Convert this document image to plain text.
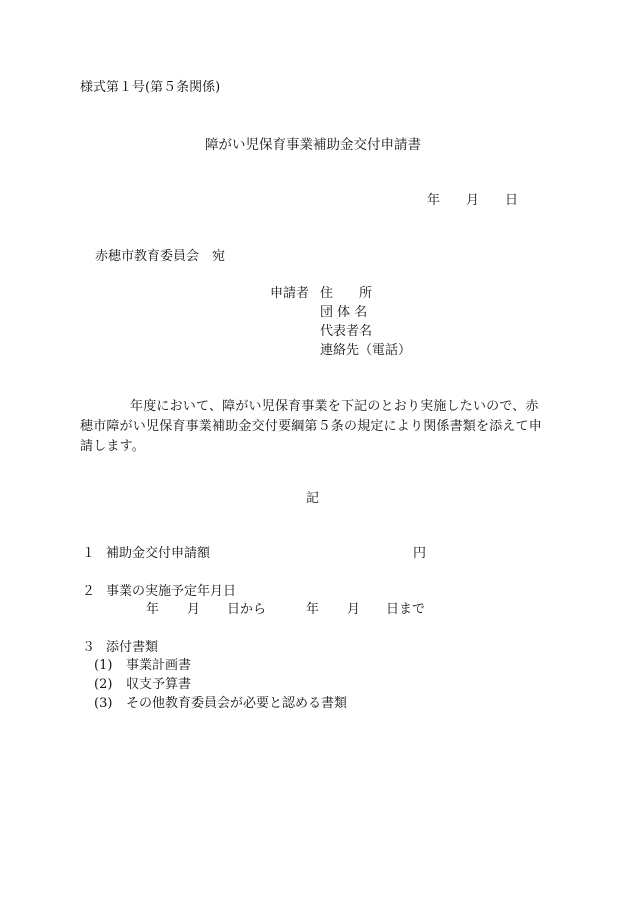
様式第１号(第５条関係)
障がい児保育事業補助金交付申請書
年 月 日
赤穂市教育委員会　宛
申請者 住　　所
団 体 名
代表者名
連絡先（電話）
年度において、障がい児保育事業を下記のとおり実施したいので、赤
穂市障がい児保育事業補助金交付要綱第５条の規定により関係書類を添えて申
請します。
記
１ 補助金交付申請額	円
２ 事業の実施予定年月日
年 月 日から	年 月 日まで
３ 添付書類
(1) 事業計画書
(2) 収支予算書
(3) その他教育委員会が必要と認める書類
